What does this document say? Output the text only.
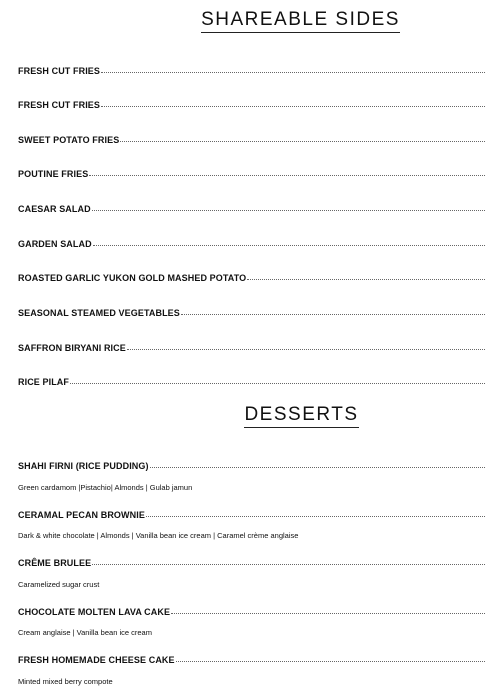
SHAREABLE SIDES
FRESH CUT FRIES
FRESH CUT FRIES
SWEET POTATO FRIES
POUTINE FRIES
CAESAR SALAD
GARDEN SALAD
ROASTED GARLIC YUKON GOLD MASHED POTATO
SEASONAL STEAMED VEGETABLES
SAFFRON BIRYANI RICE
RICE PILAF
DESSERTS
SHAHI FIRNI (RICE PUDDING)
Green cardamom |Pistachio| Almonds | Gulab jamun
CERAMAL PECAN BROWNIE
Dark & white chocolate | Almonds | Vanilla bean ice cream | Caramel crème anglaise
CRÊME BRULEE
Caramelized sugar crust
CHOCOLATE MOLTEN LAVA CAKE
Cream anglaise | Vanilla bean ice cream
FRESH HOMEMADE CHEESE CAKE
Minted mixed berry compote
